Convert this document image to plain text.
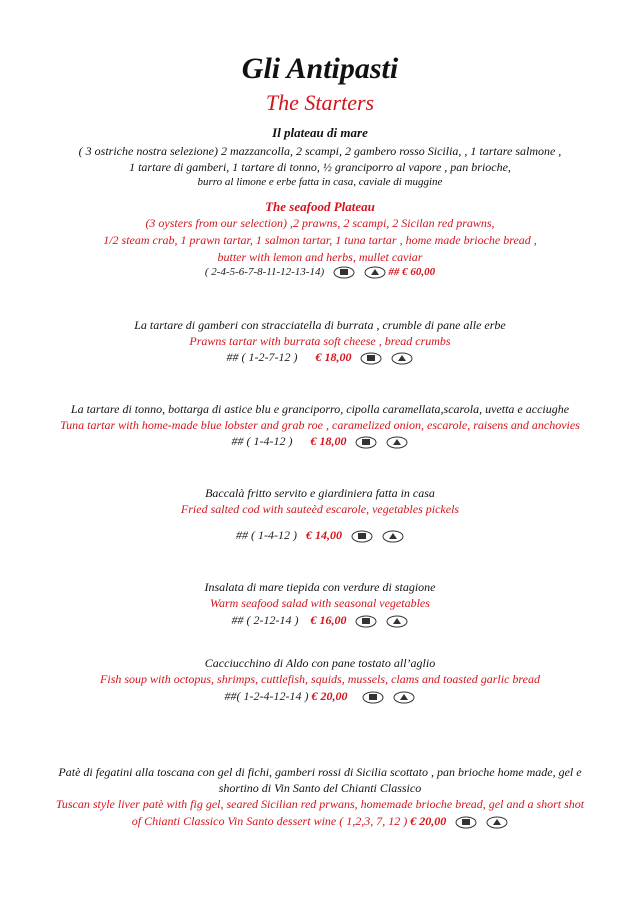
Gli Antipasti
The Starters
Il plateau di mare
( 3 ostriche nostra selezione) 2 mazzancolla, 2 scampi, 2 gambero rosso Sicilia, , 1 tartare salmone ,
1 tartare di gamberi, 1 tartare di tonno, ½ granciporro al vapore , pan brioche,
burro al limone e erbe fatta in casa, caviale di muggine
The seafood Plateau
(3 oysters from our selection) ,2 prawns, 2 scampi, 2 Sicilan red prawns,
1/2 steam crab, 1 prawn tartar, 1 salmon tartar, 1 tuna tartar , home made brioche bread ,
butter with lemon and herbs, mullet caviar
( 2-4-5-6-7-8-11-12-13-14)
	## € 60,00
La tartare di gamberi con stracciatella di burrata , crumble di pane alle erbe
Prawns tartar with burrata soft cheese , bread crumbs
## ( 1-2-7-12 ) € 18,00

La tartare di tonno, bottarga di astice blu e granciporro, cipolla caramellata,scarola, uvetta e acciughe
Tuna tartar with home-made blue lobster and grab roe , caramelized onion, escarole, raisens and anchovies
## ( 1-4-12 ) € 18,00

Baccalà fritto servito e giardiniera fatta in casa
Fried salted cod with sauteèd escarole, vegetables pickels
## ( 1-4-12 ) € 14,00

Insalata di mare tiepida con verdure di stagione
Warm seafood salad with seasonal vegetables
## ( 2-12-14 ) € 16,00

Cacciucchino di Aldo con pane tostato all’aglio
Fish soup with octopus, shrimps, cuttlefish, squids, mussels, clams and toasted garlic bread
##( 1-2-4-12-14 ) € 20,00

Patè di fegatini alla toscana con gel di fichi, gamberi rossi di Sicilia scottato , pan brioche home made, gel e
shortino di Vin Santo del Chianti Classico
Tuscan style liver patè with fig gel, seared Sicilian red prwans, homemade brioche bread, gel and a short shot
of Chianti Classico Vin Santo dessert wine ( 1,2,3, 7, 12 ) € 20,00
